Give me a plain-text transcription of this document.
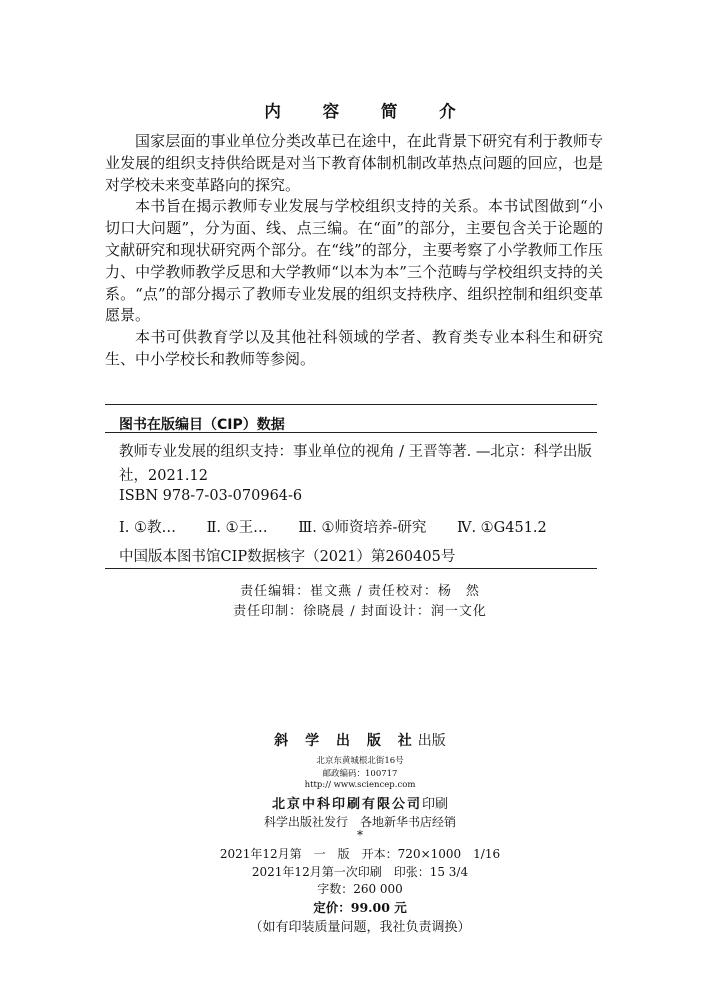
内 容 简 介

国家层面的事业单位分类改革已在途中，在此背景下研究有利于教师专业发展的组织支持供给既是对当下教育体制机制改革热点问题的回应，也是对学校未来变革路向的探究。

本书旨在揭示教师专业发展与学校组织支持的关系。本书试图做到“小切口大问题”，分为面、线、点三编。在“面”的部分，主要包含关于论题的文献研究和现状研究两个部分。在“线”的部分，主要考察了小学教师工作压力、中学教师教学反思和大学教师“以本为本”三个范畴与学校组织支持的关系。“点”的部分揭示了教师专业发展的组织支持秩序、组织控制和组织变革愿景。

本书可供教育学以及其他社科领域的学者、教育类专业本科生和研究生、中小学校长和教师等参阅。

图书在版编目（CIP）数据
教师专业发展的组织支持：事业单位的视角 / 王晋等著. —北京：科学出版社，2021.12
ISBN 978-7-03-070964-6
Ⅰ. ①教… Ⅱ. ①王… Ⅲ. ①师资培养-研究 Ⅳ. ①G451.2
中国版本图书馆CIP数据核字（2021）第260405号
责任编辑：崔文燕 / 责任校对：杨　然
责任印制：徐晓晨 / 封面设计：润一文化
斜 学 出 版 社出版
北京东黄城根北街16号
邮政编码：100717
http:// www.sciencep.com
北京中科印刷有限公司印刷
科学出版社发行　各地新华书店经销
*
2021年12月第　一　版　开本：720×1000　1/16
2021年12月第一次印刷　印张：15 3/4
字数：260 000
定价：99.00 元
（如有印装质量问题，我社负责调换）
